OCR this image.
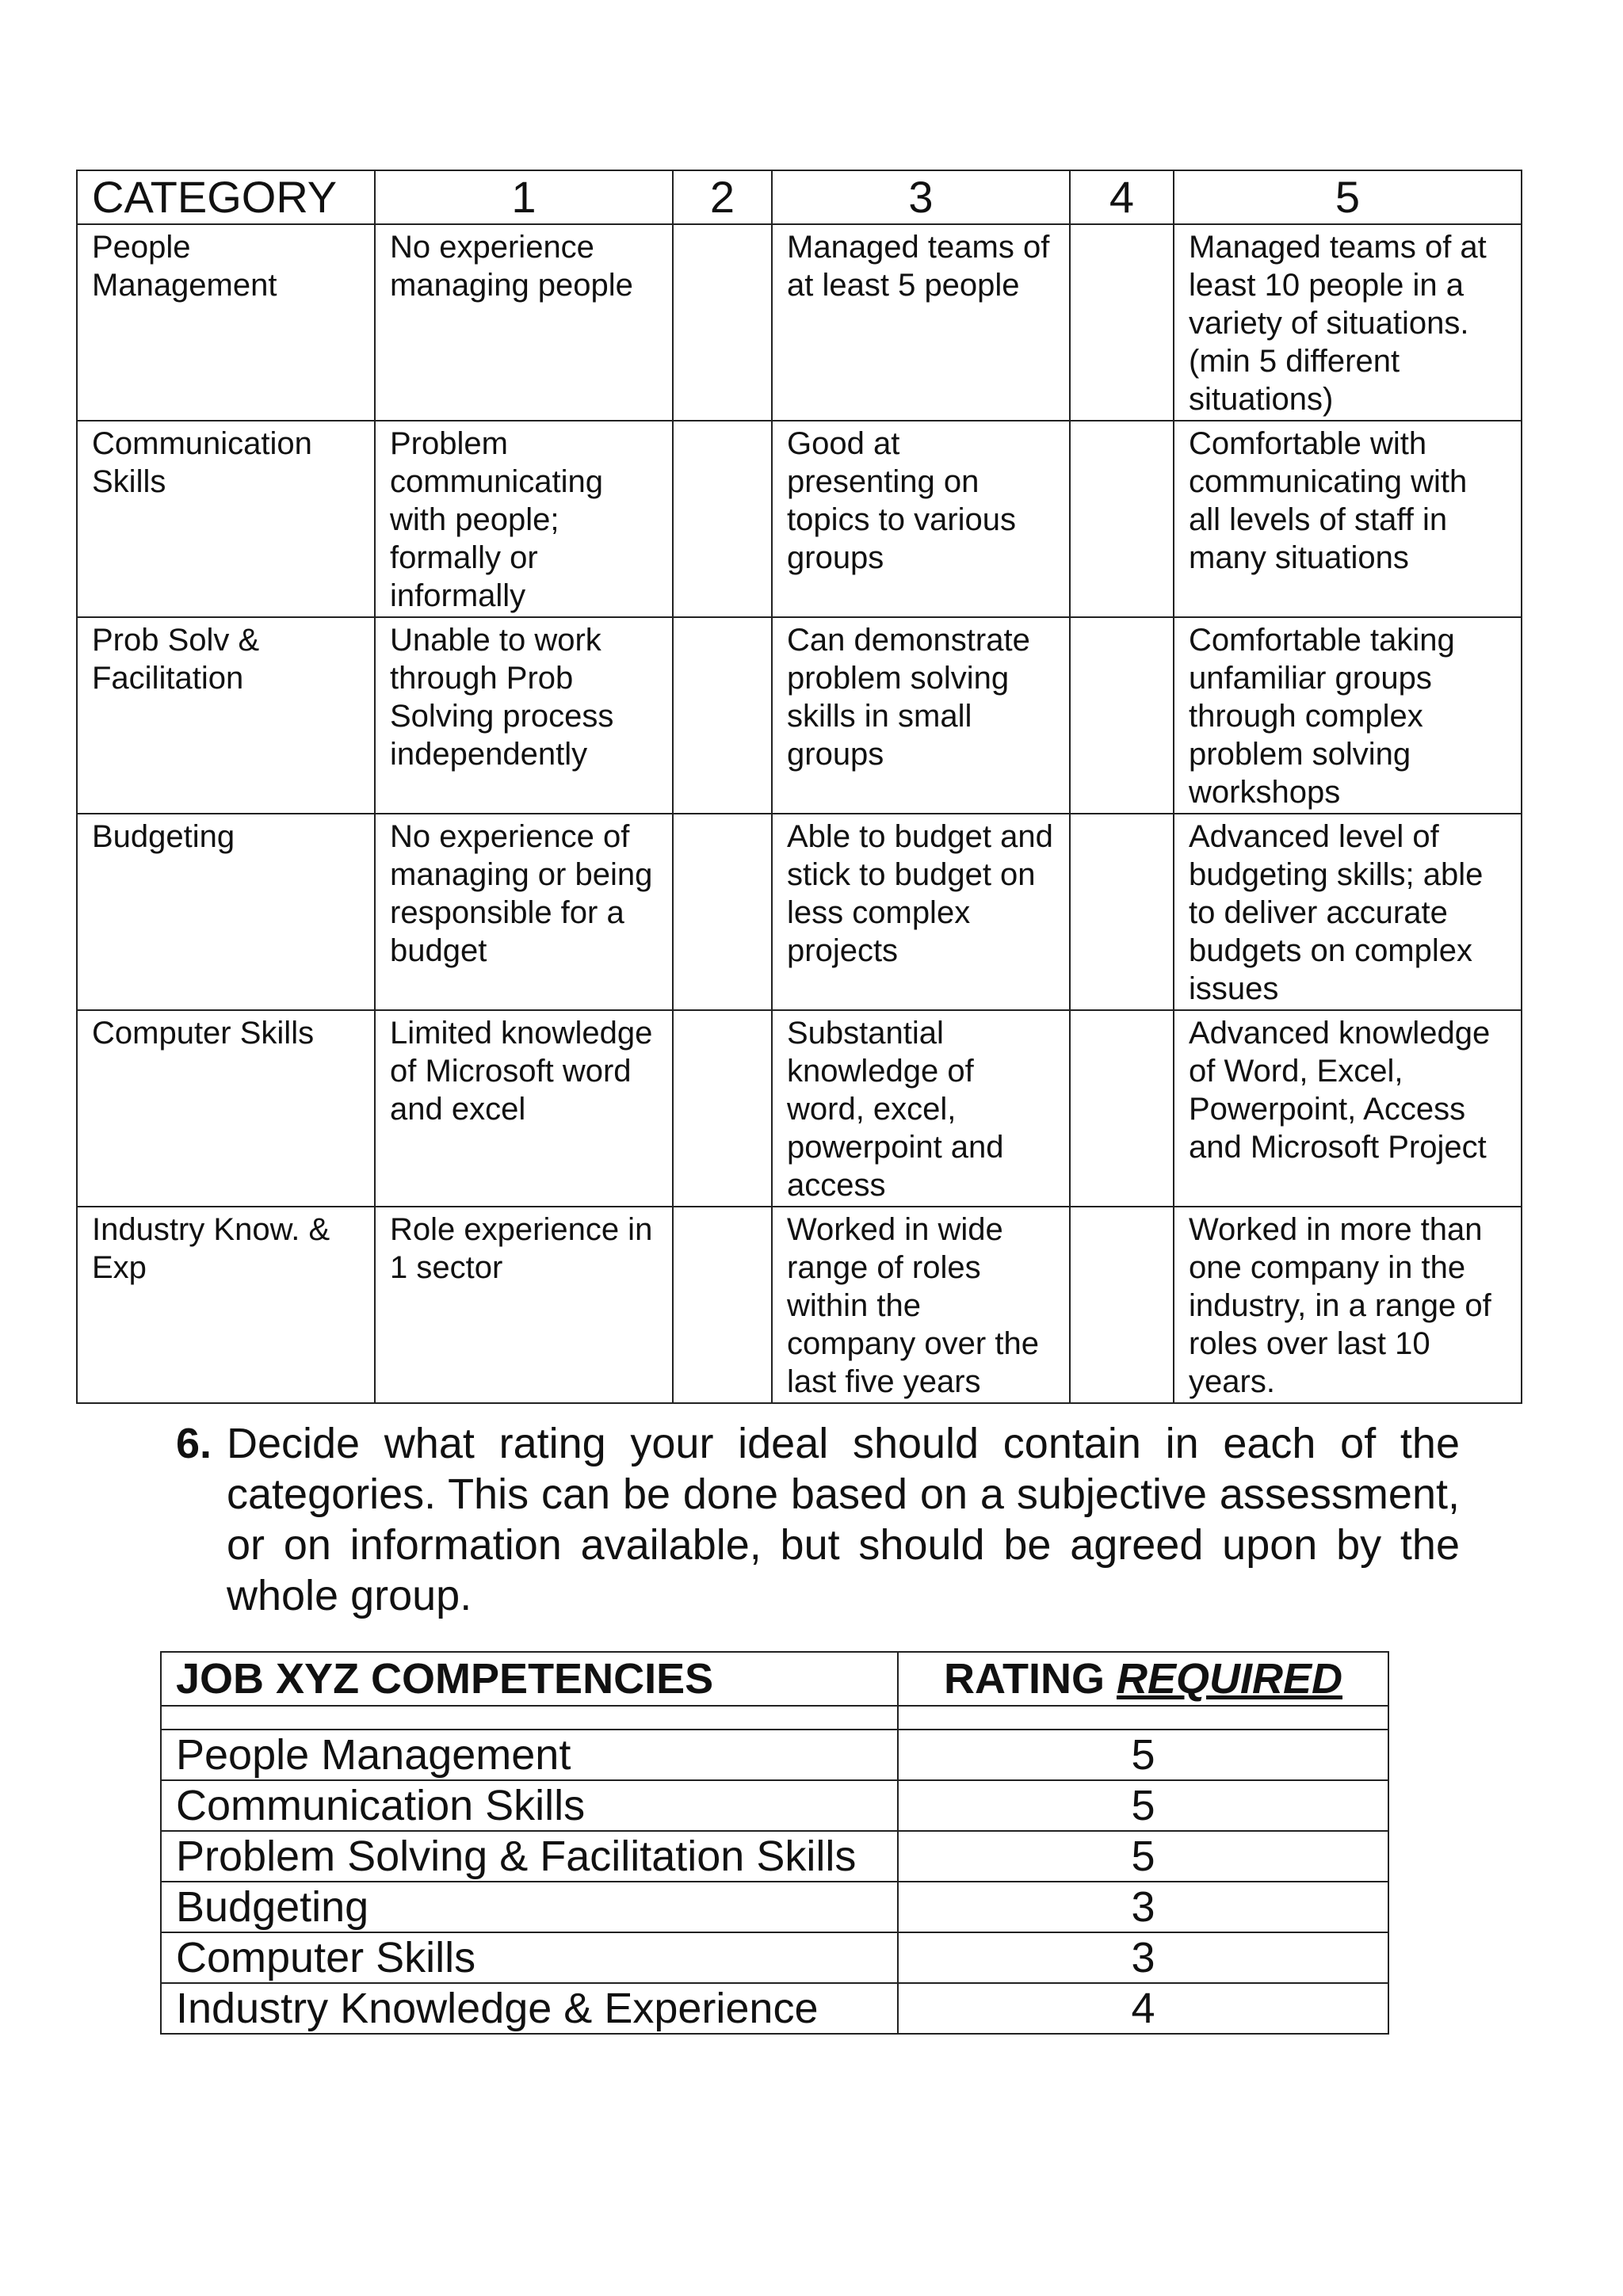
CATEGORY	1	2	3	4	5
People Management	No experience managing people		Managed teams of at least 5 people		Managed teams of at least 10 people in a variety of situations. (min 5 different situations)
Communication Skills	Problem communicating with people; formally or informally		Good at presenting on topics to various groups		Comfortable with communicating with all levels of staff in many situations
Prob Solv & Facilitation	Unable to work through Prob Solving process independently		Can demonstrate problem solving skills in small groups		Comfortable taking unfamiliar groups through complex problem solving workshops
Budgeting	No experience of managing or being responsible for a budget		Able to budget and stick to budget on less complex projects		Advanced level of budgeting skills; able to deliver accurate budgets on complex issues
Computer Skills	Limited knowledge of Microsoft word and excel		Substantial knowledge of word, excel, powerpoint and access		Advanced knowledge of Word, Excel, Powerpoint, Access and Microsoft Project
Industry Know. & Exp	Role experience in 1 sector		Worked in wide range of roles within the company over the last five years		Worked in more than one company in the industry, in a range of roles over last 10 years.
6. Decide what rating your ideal should contain in each of the categories. This can be done based on a subjective assessment, or on information available, but should be agreed upon by the whole group.
JOB XYZ COMPETENCIES	RATING REQUIRED

People Management	5
Communication Skills	5
Problem Solving & Facilitation Skills	5
Budgeting	3
Computer Skills	3
Industry Knowledge & Experience	4
